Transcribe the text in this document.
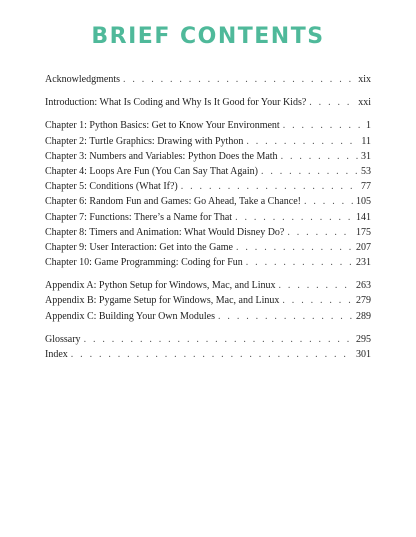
BRIEF CONTENTS
Acknowledgments . . .	xix
Introduction: What Is Coding and Why Is It Good for Your Kids? . . .	xxi
Chapter 1: Python Basics: Get to Know Your Environment . . .	1
Chapter 2: Turtle Graphics: Drawing with Python . . .	11
Chapter 3: Numbers and Variables: Python Does the Math . . .	31
Chapter 4: Loops Are Fun (You Can Say That Again) . . .	53
Chapter 5: Conditions (What If?) . . .	77
Chapter 6: Random Fun and Games: Go Ahead, Take a Chance! . . .	105
Chapter 7: Functions: There’s a Name for That . . .	141
Chapter 8: Timers and Animation: What Would Disney Do? . . .	175
Chapter 9: User Interaction: Get into the Game . . .	207
Chapter 10: Game Programming: Coding for Fun . . .	231
Appendix A: Python Setup for Windows, Mac, and Linux . . .	263
Appendix B: Pygame Setup for Windows, Mac, and Linux . . .	279
Appendix C: Building Your Own Modules . . .	289
Glossary . . .	295
Index . . .	301
